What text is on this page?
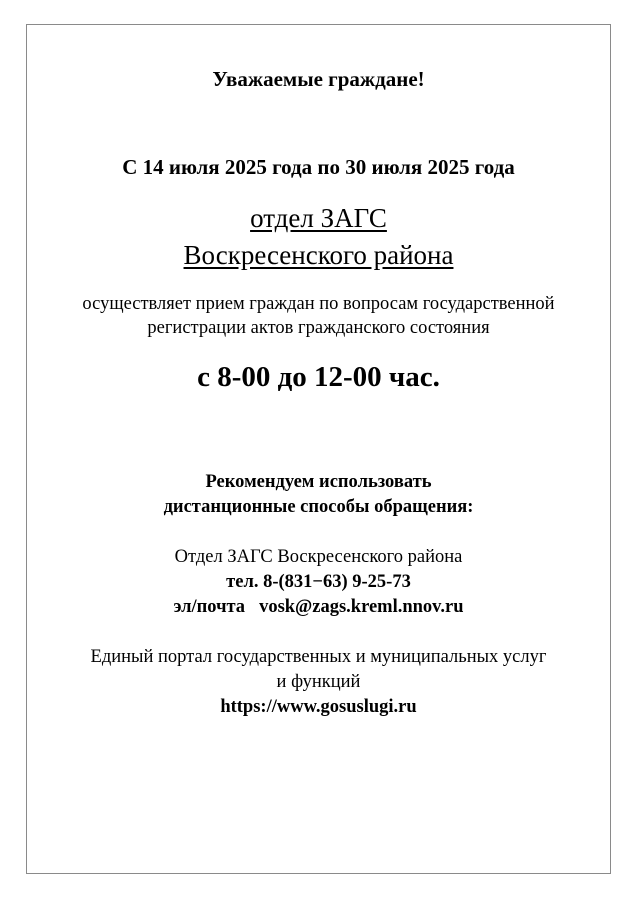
Уважаемые граждане!
С 14 июля 2025 года по 30 июля 2025 года
отдел ЗАГС
Воскресенского района
осуществляет прием граждан по вопросам государственной
регистрации актов гражданского состояния
с 8-00 до 12-00 час.
Рекомендуем использовать
дистанционные способы обращения:
Отдел ЗАГС Воскресенского района
тел. 8-(831−63) 9-25-73
эл/почта vosk@zags.kreml.nnov.ru
Единый портал государственных и муниципальных услуг
и функций
https://www.gosuslugi.ru
